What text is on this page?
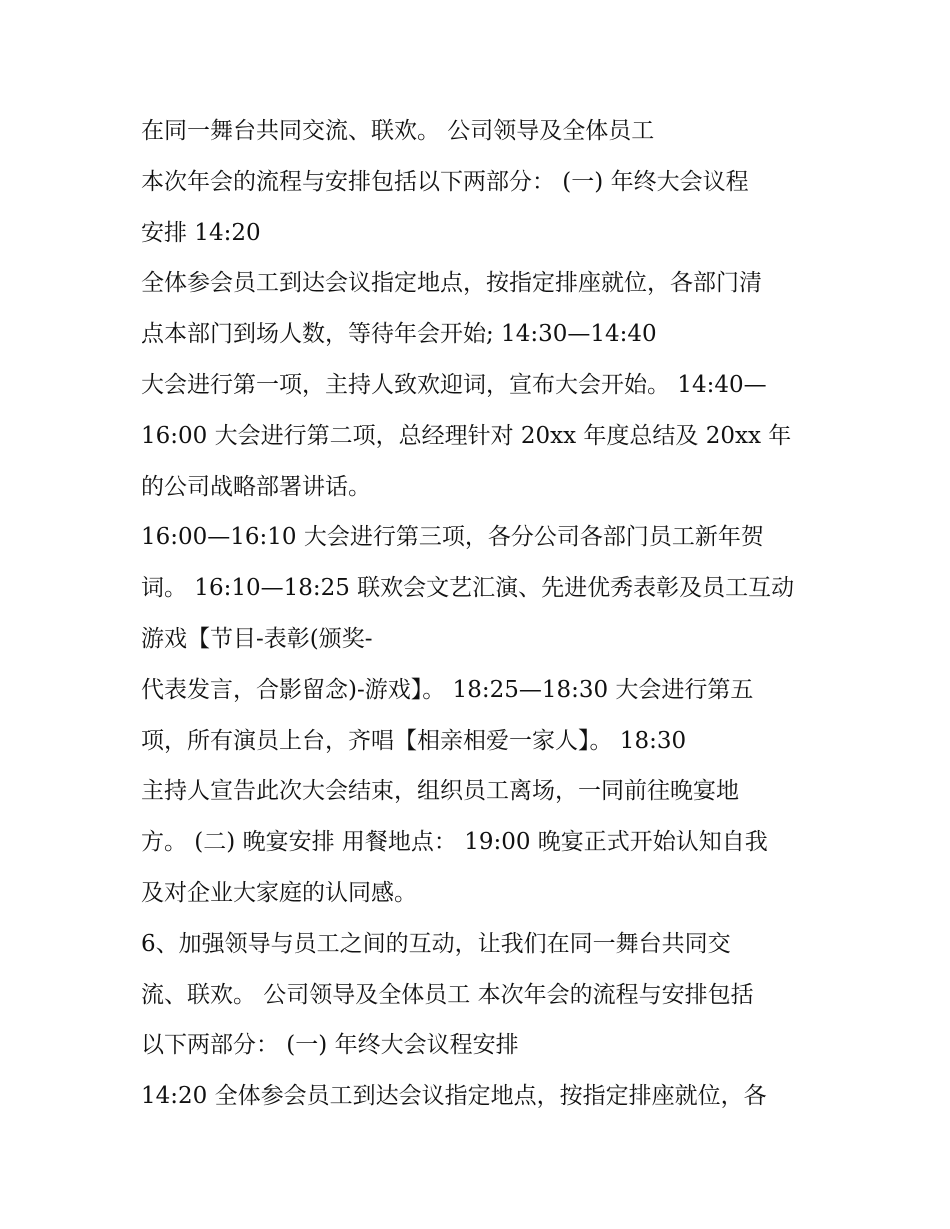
在同一舞台共同交流、联欢。 公司领导及全体员工
本次年会的流程与安排包括以下两部分： (一) 年终大会议程
安排 14:20
全体参会员工到达会议指定地点，按指定排座就位，各部门清
点本部门到场人数，等待年会开始; 14:30—14:40
大会进行第一项，主持人致欢迎词，宣布大会开始。 14:40—
16:00 大会进行第二项，总经理针对 20xx 年度总结及 20xx 年
的公司战略部署讲话。
16:00—16:10 大会进行第三项，各分公司各部门员工新年贺
词。 16:10—18:25 联欢会文艺汇演、先进优秀表彰及员工互动
游戏【节目-表彰(颁奖-
代表发言，合影留念)-游戏】。 18:25—18:30 大会进行第五
项，所有演员上台，齐唱【相亲相爱一家人】。 18:30
主持人宣告此次大会结束，组织员工离场，一同前往晚宴地
方。 (二) 晚宴安排 用餐地点： 19:00 晚宴正式开始认知自我
及对企业大家庭的认同感。
6、加强领导与员工之间的互动，让我们在同一舞台共同交
流、联欢。 公司领导及全体员工 本次年会的流程与安排包括
以下两部分： (一) 年终大会议程安排
14:20 全体参会员工到达会议指定地点，按指定排座就位，各
